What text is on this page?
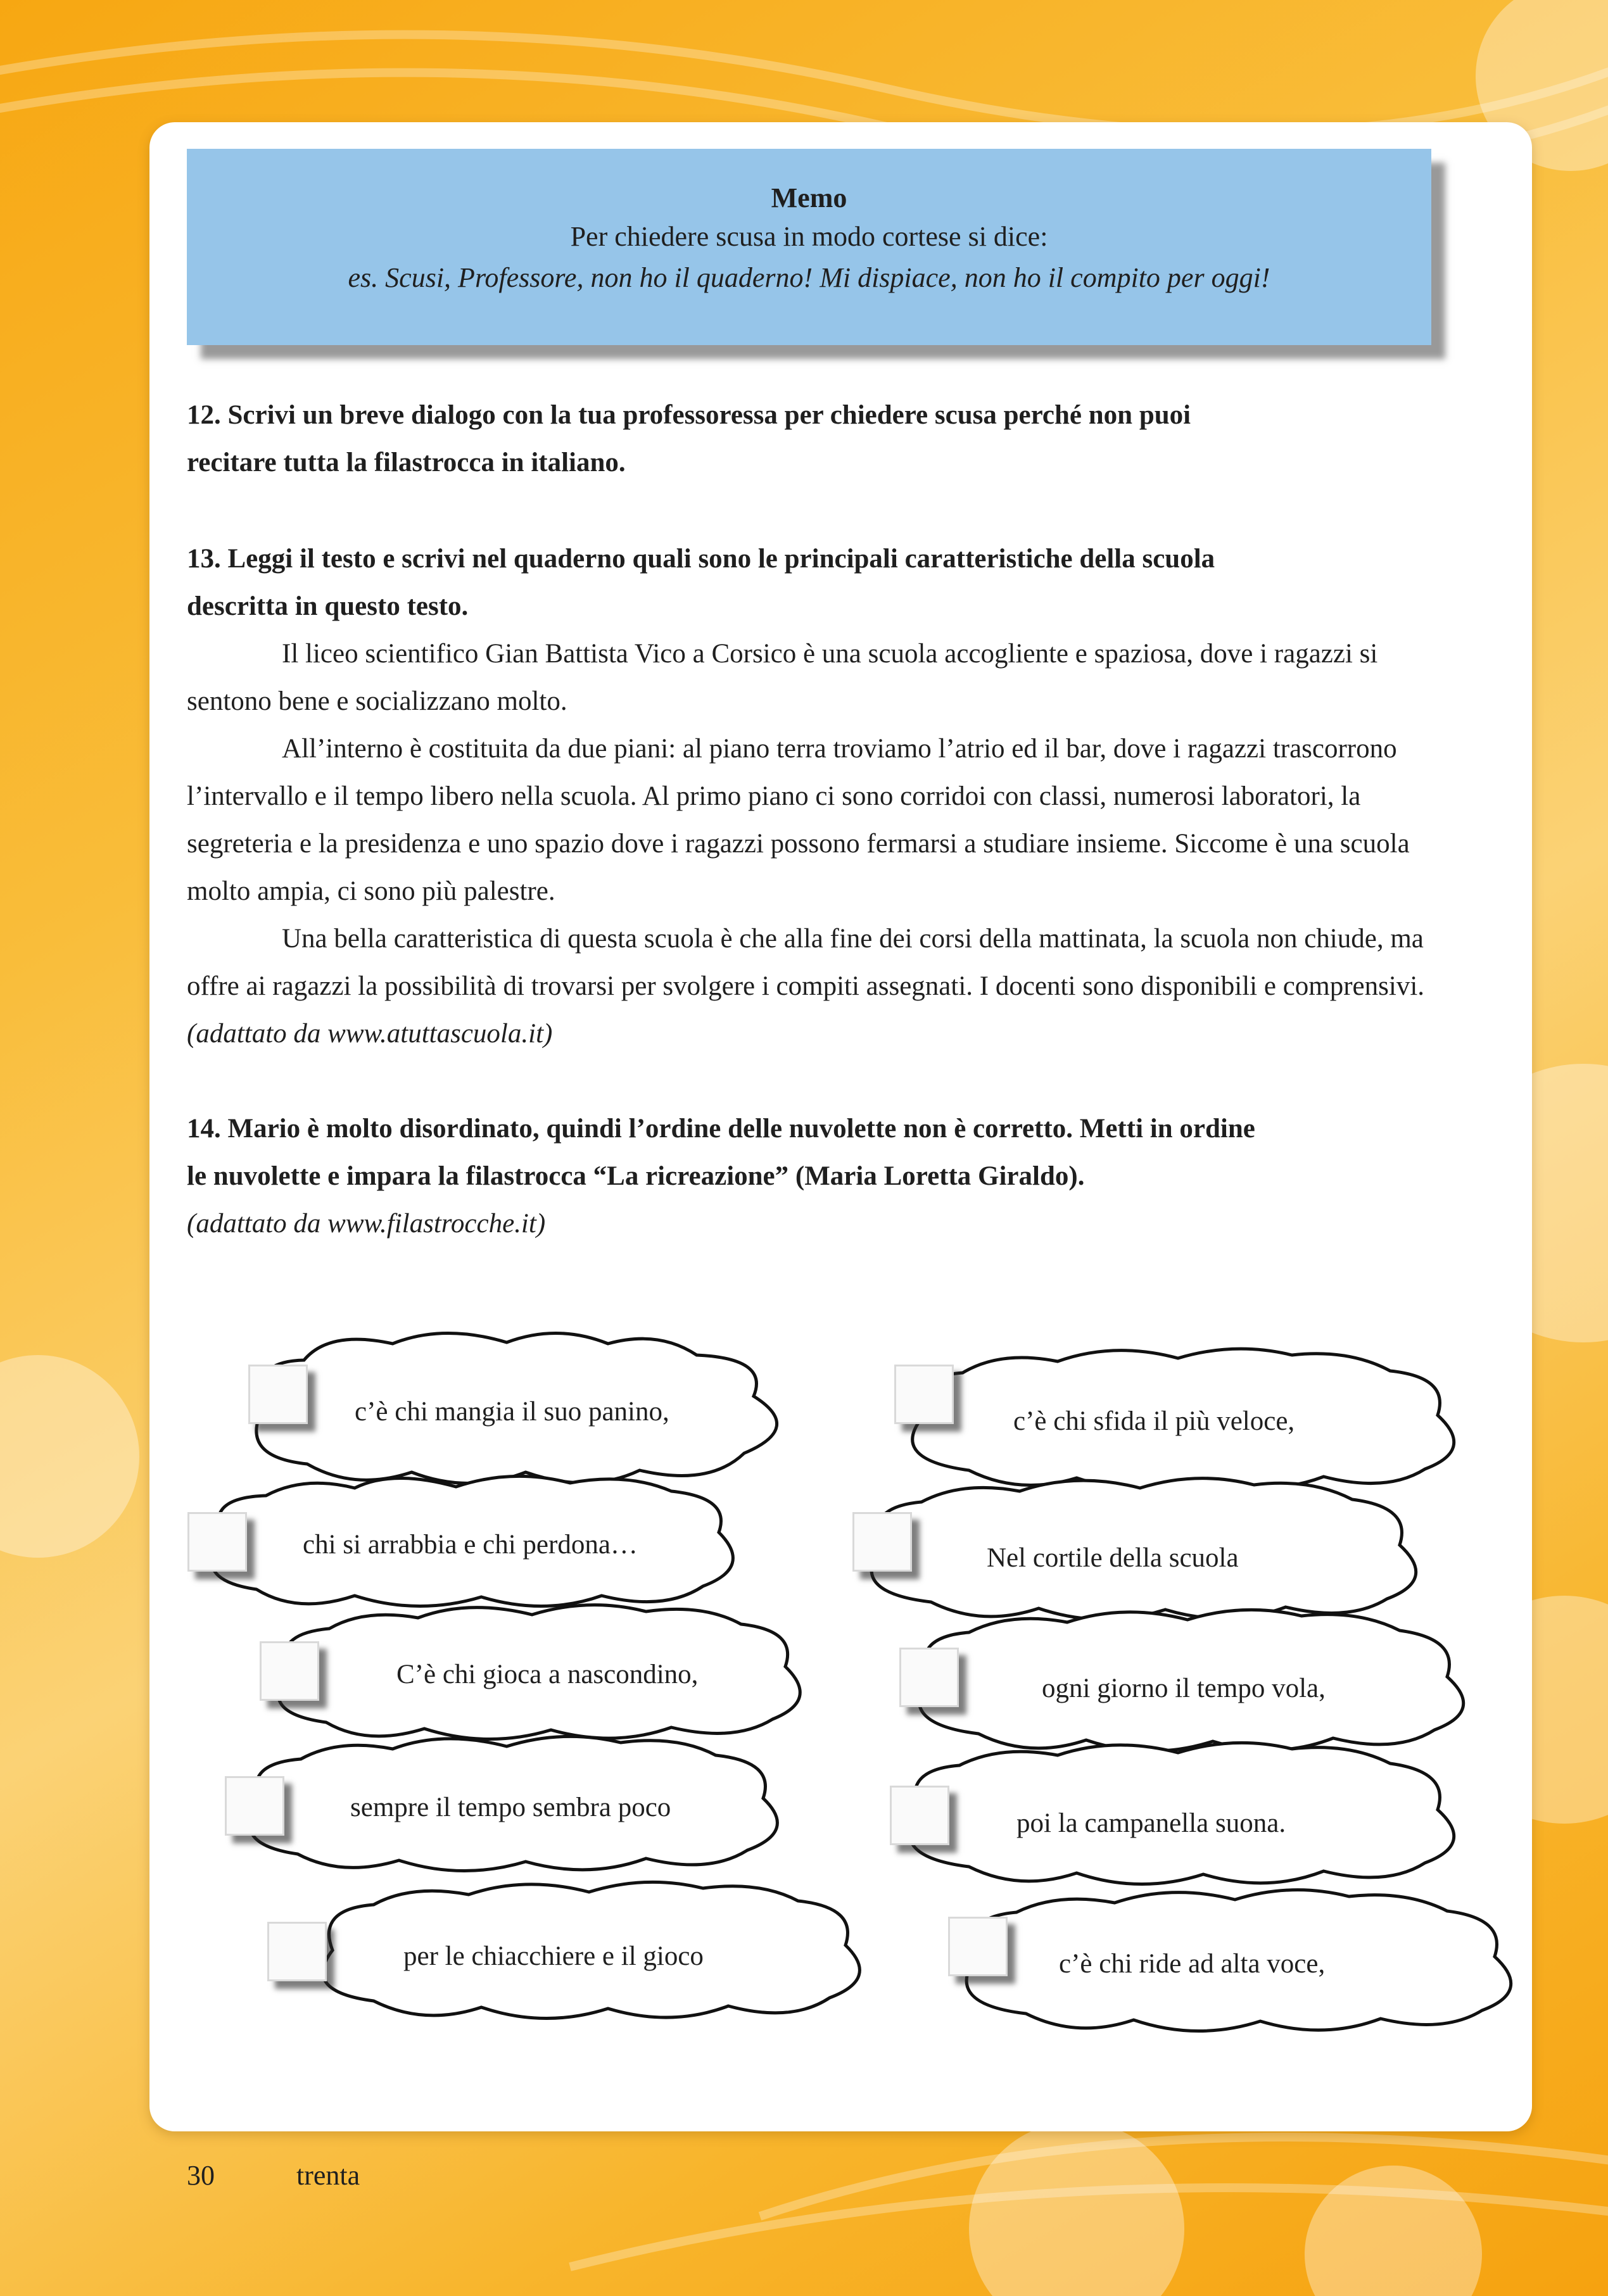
Memo
Per chiedere scusa in modo cortese si dice:
es. Scusi, Professore, non ho il quaderno! Mi dispiace, non ho il compito per oggi!
12. Scrivi un breve dialogo con la tua professoressa per chiedere scusa perché non puoi
recitare tutta la filastrocca in italiano.
13. Leggi il testo e scrivi nel quaderno quali sono le principali caratteristiche della scuola
descritta in questo testo.

Il liceo scientifico Gian Battista Vico a Corsico è una scuola accogliente e spaziosa, dove i ragazzi si sentono bene e socializzano molto.

All’interno è costituita da due piani: al piano terra troviamo l’atrio ed il bar, dove i ragazzi trascorrono l’intervallo e il tempo libero nella scuola. Al primo piano ci sono corridoi con classi, numerosi laboratori, la segreteria e la presidenza e uno spazio dove i ragazzi possono fermarsi a studiare insieme. Siccome è una scuola molto ampia, ci sono più palestre.

Una bella caratteristica di questa scuola è che alla fine dei corsi della mattinata, la scuola non chiude, ma offre ai ragazzi la possibilità di trovarsi per svolgere i compiti assegnati. I docenti sono disponibili e comprensivi. (adattato da www.atuttascuola.it)

14. Mario è molto disordinato, quindi l’ordine delle nuvolette non è corretto. Metti in ordine
le nuvolette e impara la filastrocca “La ricreazione” (Maria Loretta Giraldo).
(adattato da www.filastrocche.it)
c’è chi mangia il suo panino,	c’è chi sfida il più veloce,
chi si arrabbia e chi perdona…	Nel cortile della scuola
C’è chi gioca a nascondino,	ogni giorno il tempo vola,
sempre il tempo sembra poco
poi la campanella suona.
per le chiacchiere e il gioco	c’è chi ride ad alta voce,
30	trenta
